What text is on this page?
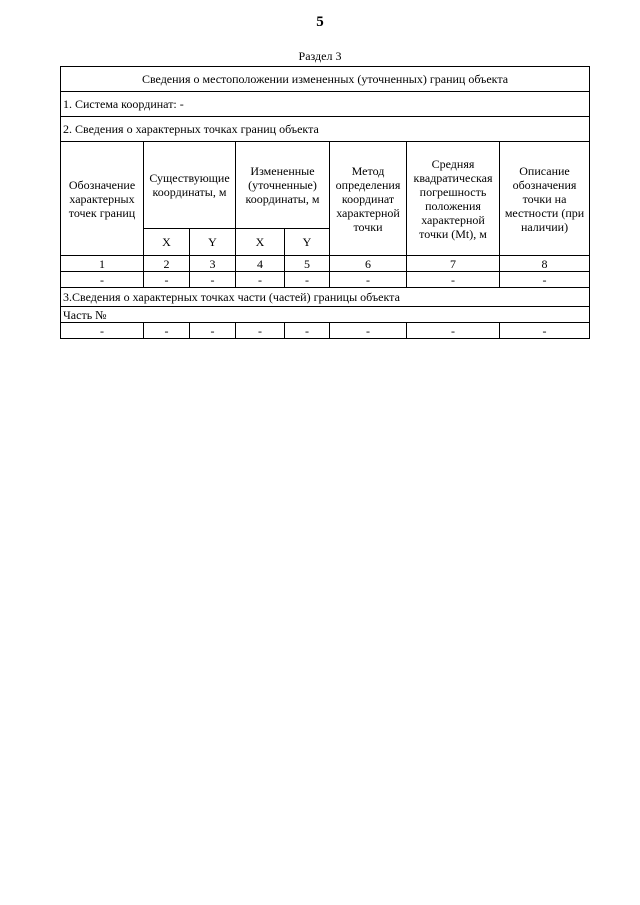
5
Раздел 3
Сведения о местоположении измененных (уточненных) границ объекта							
1. Система координат: -							
2. Сведения о характерных точках границ объекта							
Обозначение характерных точек границ	Существующие координаты, м		Измененные (уточненные) координаты, м		Метод определения координат характерной точки	Средняя квадратическая погрешность положения характерной точки (Mt), м	Описание обозначения точки на местности (при наличии)
	X	Y	X	Y			
1	2	3	4	5	6	7	8
-	-	-	-	-	-	-	-
3.Сведения о характерных точках части (частей) границы объекта							
Часть №							
-	-	-	-	-	-	-	-
